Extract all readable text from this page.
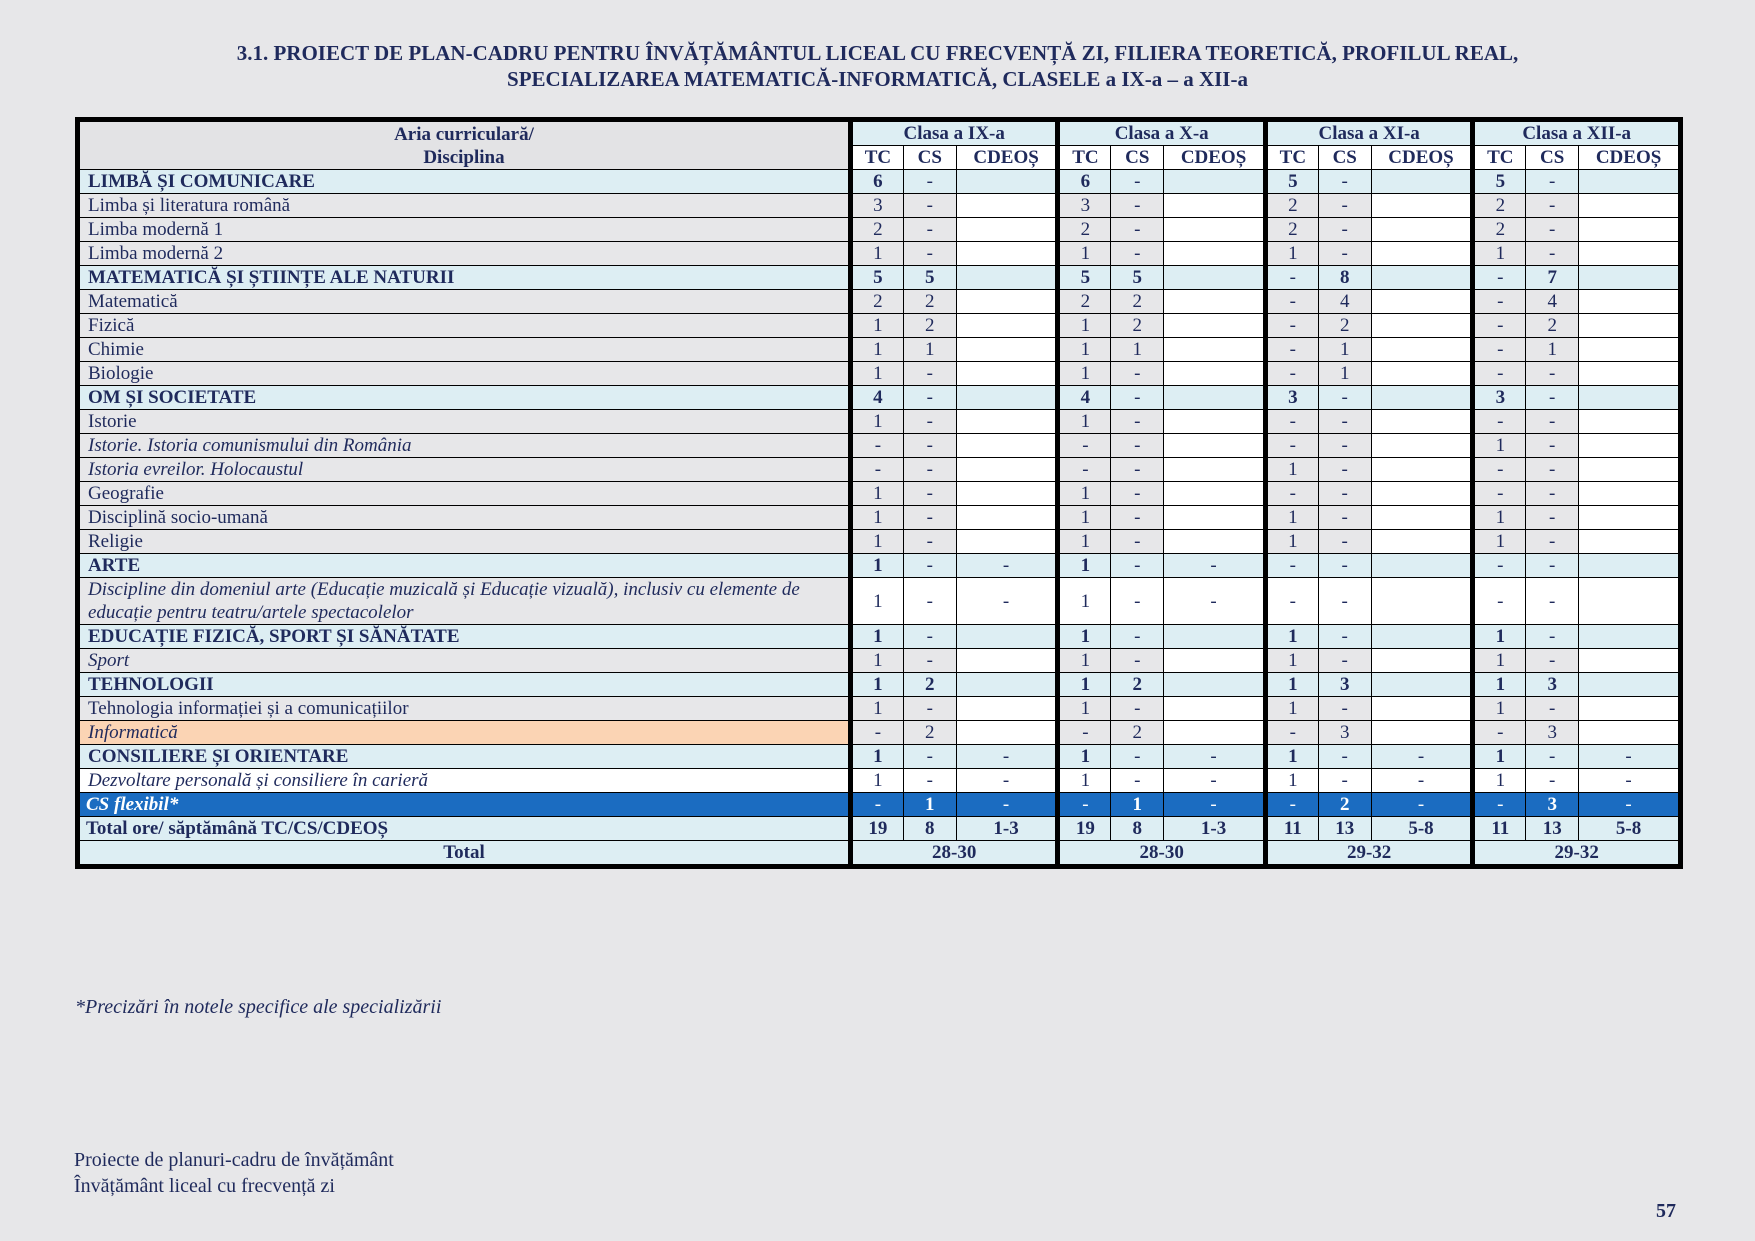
3.1. PROIECT DE PLAN-CADRU PENTRU ÎNVĂȚĂMÂNTUL LICEAL CU FRECVENȚĂ ZI, FILIERA TEORETICĂ, PROFILUL REAL,
SPECIALIZAREA MATEMATICĂ-INFORMATICĂ, CLASELE a IX-a – a XII-a
Aria curriculară/
Disciplina	Clasa a IX-a			Clasa a X-a			Clasa a XI-a			Clasa a XII-a		
	TC	CS	CDEOȘ	TC	CS	CDEOȘ	TC	CS	CDEOȘ	TC	CS	CDEOȘ
LIMBĂ ȘI COMUNICARE	6	-		6	-		5	-		5	-	
Limba și literatura română	3	-		3	-		2	-		2	-	
Limba modernă 1	2	-		2	-		2	-		2	-	
Limba modernă 2	1	-		1	-		1	-		1	-	
MATEMATICĂ ȘI ȘTIINȚE ALE NATURII	5	5		5	5		-	8		-	7	
Matematică	2	2		2	2		-	4		-	4	
Fizică	1	2		1	2		-	2		-	2	
Chimie	1	1		1	1		-	1		-	1	
Biologie	1	-		1	-		-	1		-	-	
OM ȘI SOCIETATE	4	-		4	-		3	-		3	-	
Istorie	1	-		1	-		-	-		-	-	
Istorie. Istoria comunismului din România	-	-		-	-		-	-		1	-	
Istoria evreilor. Holocaustul	-	-		-	-		1	-		-	-	
Geografie	1	-		1	-		-	-		-	-	
Disciplină socio-umană	1	-		1	-		1	-		1	-	
Religie	1	-		1	-		1	-		1	-	
ARTE	1	-	-	1	-	-	-	-		-	-	
Discipline din domeniul arte (Educație muzicală și Educație vizuală), inclusiv cu elemente de educație pentru teatru/artele spectacolelor	1	-	-	1	-	-	-	-		-	-	
EDUCAȚIE FIZICĂ, SPORT ȘI SĂNĂTATE	1	-		1	-		1	-		1	-	
Sport	1	-		1	-		1	-		1	-	
TEHNOLOGII	1	2		1	2		1	3		1	3	
Tehnologia informației și a comunicațiilor	1	-		1	-		1	-		1	-	
Informatică	-	2		-	2		-	3		-	3	
CONSILIERE ȘI ORIENTARE	1	-	-	1	-	-	1	-	-	1	-	-
Dezvoltare personală și consiliere în carieră	1	-	-	1	-	-	1	-	-	1	-	-
CS flexibil*	-	1	-	-	1	-	-	2	-	-	3	-
Total ore/ săptămână TC/CS/CDEOȘ	19	8	1-3	19	8	1-3	11	13	5-8	11	13	5-8
Total	28-30			28-30			29-32			29-32		
*Precizări în notele specifice ale specializării
Proiecte de planuri-cadru de învățământ
Învățământ liceal cu frecvență zi
57
